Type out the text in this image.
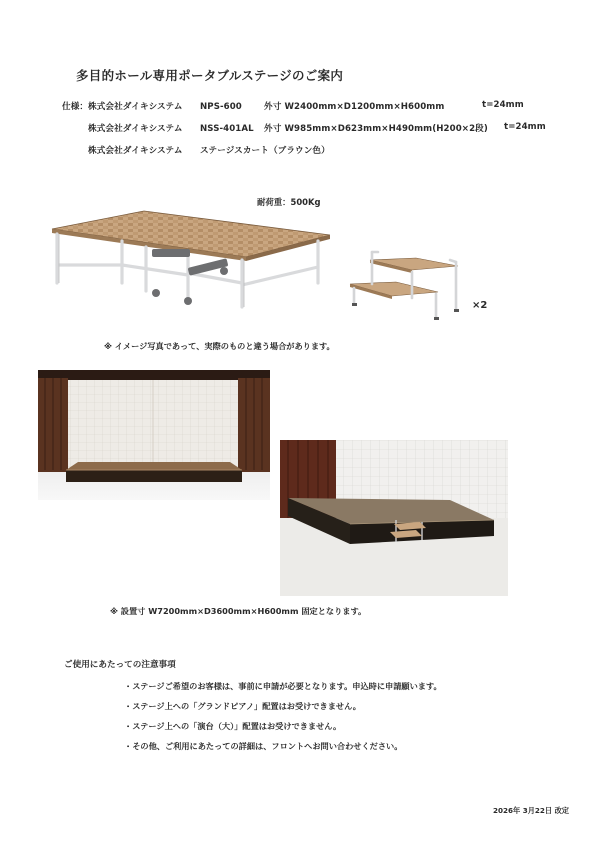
多目的ホール専用ポータブルステージのご案内
仕様： 株式会社ダイキシステム NPS-600	外寸 W2400mm×D1200mm×H600mm	t=24mm
株式会社ダイキシステム NSS-401AL 外寸 W985mm×D623mm×H490mm(H200×2段) t=24mm
株式会社ダイキシステム ステージスカート（ブラウン色）
耐荷重：500Kg
×2
※ イメージ写真であって、実際のものと違う場合があります。
※ 設置寸 W7200mm×D3600mm×H600mm 固定となります。
ご使用にあたっての注意事項
・ステージご希望のお客様は、事前に申請が必要となります。申込時に申請願います。
・ステージ上への「グランドピアノ」配置はお受けできません。
・ステージ上への「演台（大）」配置はお受けできません。
・その他、ご利用にあたっての詳細は、フロントへお問い合わせください。
2026年 3月22日 改定
